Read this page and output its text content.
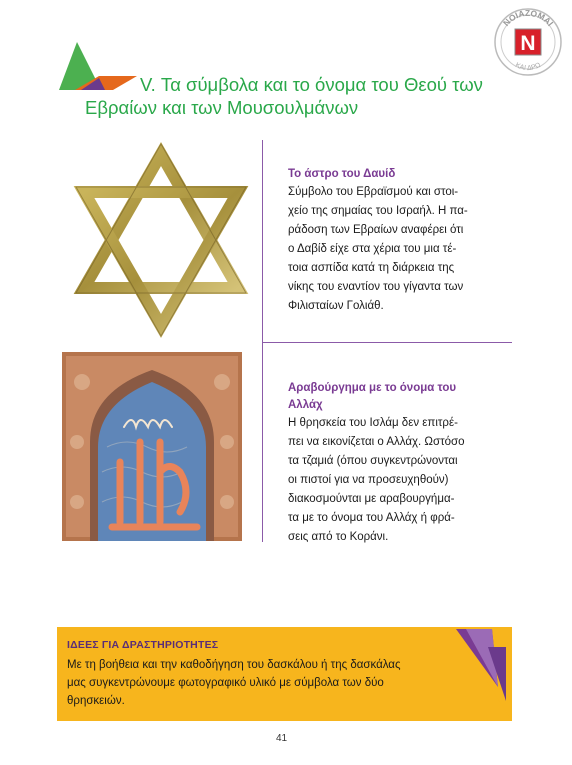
ΝΟΙΑΖΟΜΑΙ
ΚΑΙ ΔΡΩ
N
V. Τα σύμβολα και το όνομα του Θεού των
Εβραίων και των Μουσουλμάνων
Το άστρο του Δαυίδ
Σύμβολο του Εβραϊσμού και στοι-
χείο της σημαίας του Ισραήλ. Η πα-
ράδοση των Εβραίων αναφέρει ότι
ο Δαβίδ είχε στα χέρια του μια τέ-
τοια ασπίδα κατά τη διάρκεια της
νίκης του εναντίον του γίγαντα των
Φιλισταίων Γολιάθ.
Αραβούργημα με το όνομα του
Αλλάχ
Η θρησκεία του Ισλάμ δεν επιτρέ-
πει να εικονίζεται ο Αλλάχ. Ωστόσο
τα τζαμιά (όπου συγκεντρώνονται
οι πιστοί για να προσευχηθούν)
διακοσμούνται με αραβουργήμα-
τα με το όνομα του Αλλάχ ή φρά-
σεις από το Κοράνι.
ΙΔΕΕΣ ΓΙΑ ΔΡΑΣΤΗΡΙΟΤΗΤΕΣ
Με τη βοήθεια και την καθοδήγηση του δασκάλου ή της δασκάλας
μας συγκεντρώνουμε φωτογραφικό υλικό με σύμβολα των δύο
θρησκειών.
41
